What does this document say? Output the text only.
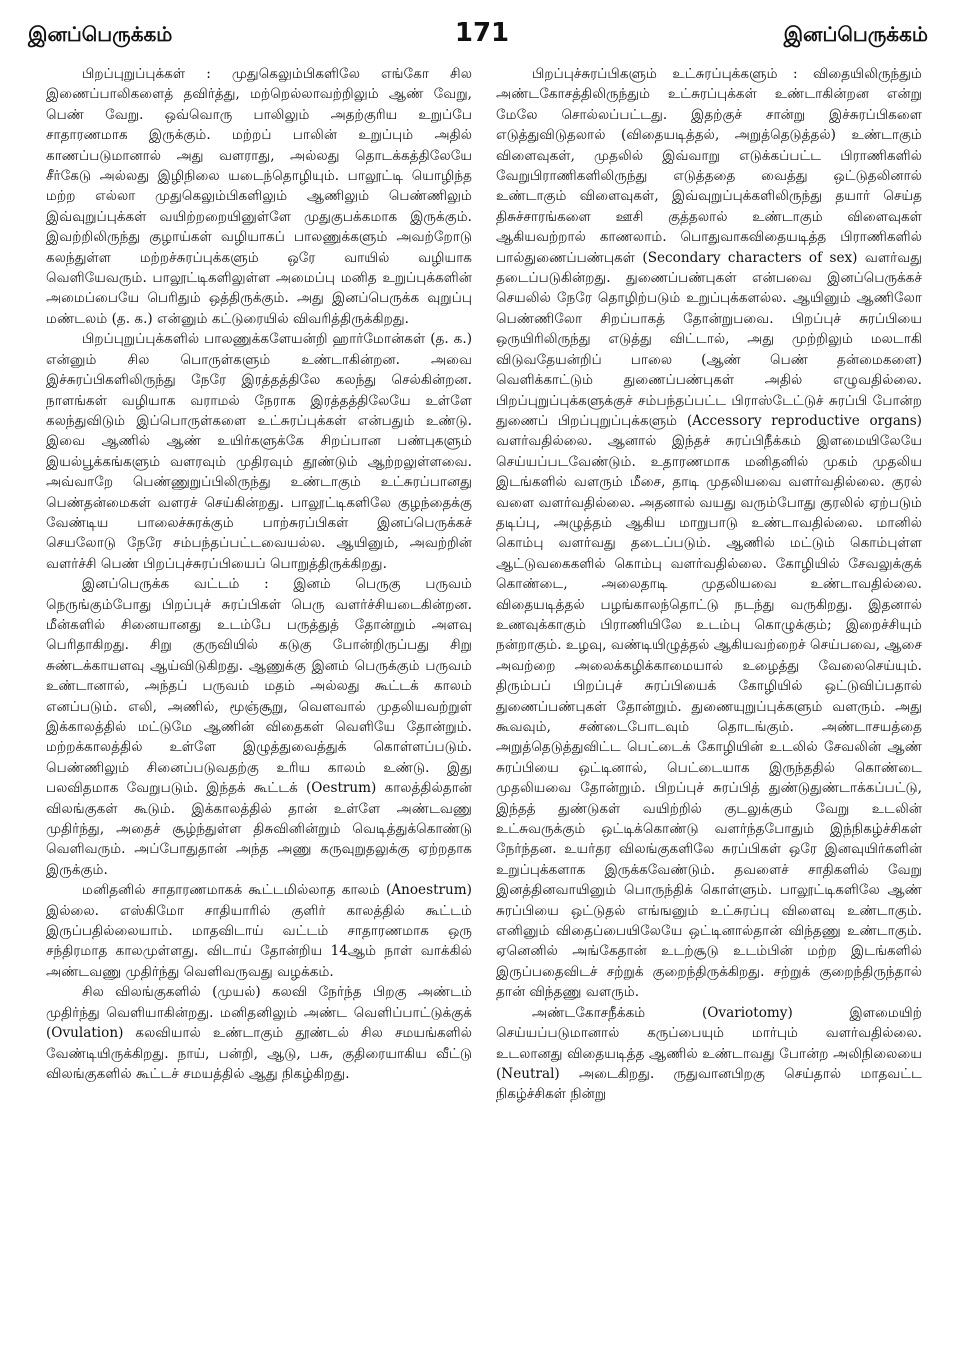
இனப்பெருக்கம்	171	இனப்பெருக்கம்

பிறப்புறுப்புக்கள் : முதுகெலும்பிகளிலே எங்கோ சில இணைப்பாலிகளைத் தவிர்த்து, மற்றெல்லாவற்றிலும் ஆண் வேறு, பெண் வேறு. ஒவ்வொரு பாலிலும் அதற்குரிய உறுப்பே சாதாரணமாக இருக்கும். மற்றப் பாலின் உறுப்பும் அதில் காணப்படுமானால் அது வளராது, அல்லது தொடக்கத்திலேயே சீர்கேடு அல்லது இழிநிலை யடைந்தொழியும். பாலூட்டி யொழிந்த மற்ற எல்லா முதுகெலும்பிகளிலும் ஆணிலும் பெண்ணிலும் இவ்வுறுப்புக்கள் வயிற்றறையினுள்ளே முதுகுபக்கமாக இருக்கும். இவற்றிலிருந்து குழாய்கள் வழியாகப் பாலணுக்களும் அவற்றோடு கலந்துள்ள மற்றச்சுரப்புக்களும் ஒரே வாயில் வழியாக வெளியேவரும். பாலூட்டிகளிலுள்ள அமைப்பு மனித உறுப்புக்களின் அமைப்பையே பெரிதும் ஒத்திருக்கும். அது இனப்பெருக்க வுறுப்பு மண்டலம் (த. க.) என்னும் கட்டுரையில் விவரித்திருக்கிறது.

பிறப்புறுப்புக்களில் பாலணுக்களேயன்றி ஹார்மோன்கள் (த. க.) என்னும் சில பொருள்களும் உண்டாகின்றன. அவை இச்சுரப்பிகளிலிருந்து நேரே இரத்தத்திலே கலந்து செல்கின்றன. நாளங்கள் வழியாக வராமல் நேராக இரத்தத்திலேயே உள்ளே கலந்துவிடும் இப்பொருள்களை உட்சுரப்புக்கள் என்பதும் உண்டு. இவை ஆணில் ஆண் உயிர்களுக்கே சிறப்பான பண்புகளும் இயல்பூக்கங்களும் வளரவும் முதிரவும் தூண்டும் ஆற்றலுள்ளவை. அவ்வாறே பெண்ணுறுப்பிலிருந்து உண்டாகும் உட்சுரப்பானது பெண்தன்மைகள் வளரச் செய்கின்றது. பாலூட்டிகளிலே குழந்தைக்கு வேண்டிய பாலைச்சுரக்கும் பாற்சுரப்பிகள் இனப்பெருக்கச் செயலோடு நேரே சம்பந்தப்பட்டவையல்ல. ஆயினும், அவற்றின் வளர்ச்சி பெண் பிறப்புச்சுரப்பியைப் பொறுத்திருக்கிறது.

இனப்பெருக்க வட்டம் : இனம் பெருகு பருவம் நெருங்கும்போது பிறப்புச் சுரப்பிகள் பெரு வளர்ச்சியடைகின்றன. மீன்களில் சினையானது உடம்பே பருத்துத் தோன்றும் அளவு பெரிதாகிறது. சிறு குருவியில் கடுகு போன்றிருப்பது சிறு சுண்டக்காயளவு ஆய்விடுகிறது. ஆணுக்கு இனம் பெருக்கும் பருவம் உண்டானால், அந்தப் பருவம் மதம் அல்லது கூட்டக் காலம் எனப்படும். எலி, அணில், மூஞ்சூறு, வெளவால் முதலியவற்றுள் இக்காலத்தில் மட்டுமே ஆணின் விதைகள் வெளியே தோன்றும். மற்றக்காலத்தில் உள்ளே இழுத்துவைத்துக் கொள்ளப்படும். பெண்ணிலும் சினைப்படுவதற்கு உரிய காலம் உண்டு. இது பலவிதமாக வேறுபடும். இந்தக் கூட்டக் (Oestrum) காலத்தில்தான் விலங்குகள் கூடும். இக்காலத்தில் தான் உள்ளே அண்டவணு முதிர்ந்து, அதைச் சூழ்ந்துள்ள திசுவினின்றும் வெடித்துக்கொண்டு வெளிவரும். அப்போதுதான் அந்த அணு கருவுறுதலுக்கு ஏற்றதாக இருக்கும்.

மனிதனில் சாதாரணமாகக் கூட்டமில்லாத காலம் (Anoestrum) இல்லை. எஸ்கிமோ சாதியாரில் குளிர் காலத்தில் கூட்டம் இருப்பதில்லையாம். மாதவிடாய் வட்டம் சாதாரணமாக ஒரு சந்திரமாத காலமுள்ளது. விடாய் தோன்றிய 14ஆம் நாள் வாக்கில் அண்டவணு முதிர்ந்து வெளிவருவது வழக்கம்.

சில விலங்குகளில் (முயல்) கலவி நேர்ந்த பிறகு அண்டம் முதிர்ந்து வெளியாகின்றது. மனிதனிலும் அண்ட வெளிப்பாட்டுக்குக் (Ovulation) கலவியால் உண்டாகும் தூண்டல் சில சமயங்களில் வேண்டியிருக்கிறது. நாய், பன்றி, ஆடு, பசு, குதிரையாகிய வீட்டு விலங்குகளில் கூட்டச் சமயத்தில் ஆது நிகழ்கிறது.

பிறப்புச்சுரப்பிகளும் உட்சுரப்புக்களும் : விதையிலிருந்தும் அண்டகோசத்திலிருந்தும் உட்சுரப்புக்கள் உண்டாகின்றன என்று மேலே சொல்லப்பட்டது. இதற்குச் சான்று இச்சுரப்பிகளை எடுத்துவிடுதலால் (விதையடித்தல், அறுத்தெடுத்தல்) உண்டாகும் விளைவுகள், முதலில் இவ்வாறு எடுக்கப்பட்ட பிராணிகளில் வேறுபிராணிகளிலிருந்து எடுத்ததை வைத்து ஒட்டுதலினால் உண்டாகும் விளைவுகள், இவ்வுறுப்புக்களிலிருந்து தயார் செய்த திசுச்சாரங்களை ஊசி குத்தலால் உண்டாகும் விளைவுகள் ஆகியவற்றால் காணலாம். பொதுவாகவிதையடித்த பிராணிகளில் பால்துணைப்பண்புகள் (Secondary characters of sex) வளர்வது தடைப்படுகின்றது. துணைப்பண்புகள் என்பவை இனப்பெருக்கச் செயலில் நேரே தொழிற்படும் உறுப்புக்களல்ல. ஆயினும் ஆணிலோ பெண்ணிலோ சிறப்பாகத் தோன்றுபவை. பிறப்புச் சுரப்பியை ஒருயிரிலிருந்து எடுத்து விட்டால், அது முற்றிலும் மலடாகி விடுவதேயன்றிப் பாலை (ஆண் பெண் தன்மைகளை) வெளிக்காட்டும் துணைப்பண்புகள் அதில் எழுவதில்லை. பிறப்புறுப்புக்களுக்குச் சம்பந்தப்பட்ட பிராஸ்டேட்டுச் சுரப்பி போன்ற துணைப் பிறப்புறுப்புக்களும் (Accessory reproductive organs) வளர்வதில்லை. ஆனால் இந்தச் சுரப்பிநீக்கம் இளமையிலேயே செய்யப்படவேண்டும். உதாரணமாக மனிதனில் முகம் முதலிய இடங்களில் வளரும் மீசை, தாடி முதலியவை வளர்வதில்லை. குரல் வளை வளர்வதில்லை. அதனால் வயது வரும்போது குரலில் ஏற்படும் தடிப்பு, அழுத்தம் ஆகிய மாறுபாடு உண்டாவதில்லை. மானில் கொம்பு வளர்வது தடைப்படும். ஆணில் மட்டும் கொம்புள்ள ஆட்டுவகைகளில் கொம்பு வளர்வதில்லை. கோழியில் சேவலுக்குக் கொண்டை, அலைதாடி முதலியவை உண்டாவதில்லை. விதையடித்தல் பழங்காலந்தொட்டு நடந்து வருகிறது. இதனால் உணவுக்காகும் பிராணியிலே உடம்பு கொழுக்கும்; இறைச்சியும் நன்றாகும். உழவு, வண்டியிழுத்தல் ஆகியவற்றைச் செய்பவை, ஆசை அவற்றை அலைக்கழிக்காமையால் உழைத்து வேலைசெய்யும். திரும்பப் பிறப்புச் சுரப்பியைக் கோழியில் ஒட்டுவிப்பதால் துணைப்பண்புகள் தோன்றும். துணையுறுப்புக்களும் வளரும். அது கூவவும், சண்டைபோடவும் தொடங்கும். அண்டாசயத்தை அறுத்தெடுத்துவிட்ட பெட்டைக் கோழியின் உடலில் சேவலின் ஆண் சுரப்பியை ஒட்டினால், பெட்டையாக இருந்ததில் கொண்டை முதலியவை தோன்றும். பிறப்புச் சுரப்பித் துண்டுதுண்டாக்கப்பட்டு, இந்தத் துண்டுகள் வயிற்றில் குடலுக்கும் வேறு உடலின் உட்சுவருக்கும் ஒட்டிக்கொண்டு வளர்ந்தபோதும் இந்நிகழ்ச்சிகள் நேர்ந்தன. உயர்தர விலங்குகளிலே சுரப்பிகள் ஒரே இனவுயிர்களின் உறுப்புக்களாக இருக்கவேண்டும். தவளைச் சாதிகளில் வேறு இனத்தினவாயினும் பொருந்திக் கொள்ளும். பாலூட்டிகளிலே ஆண் சுரப்பியை ஒட்டுதல் எங்ஙனும் உட்சுரப்பு விளைவு உண்டாகும். எனினும் விதைப்பையிலேயே ஒட்டினால்தான் விந்தணு உண்டாகும். ஏனெனில் அங்கேதான் உடற்சூடு உடம்பின் மற்ற இடங்களில் இருப்பதைவிடச் சற்றுக் குறைந்திருக்கிறது. சற்றுக் குறைந்திருந்தால் தான் விந்தணு வளரும்.

அண்டகோசநீக்கம் (Ovariotomy) இளமையிற் செய்யப்படுமானால் கருப்பையும் மார்பும் வளர்வதில்லை. உடலானது விதையடித்த ஆணில் உண்டாவது போன்ற அலிநிலையை (Neutral) அடைகிறது. ருதுவானபிறகு செய்தால் மாதவட்ட நிகழ்ச்சிகள் நின்று
